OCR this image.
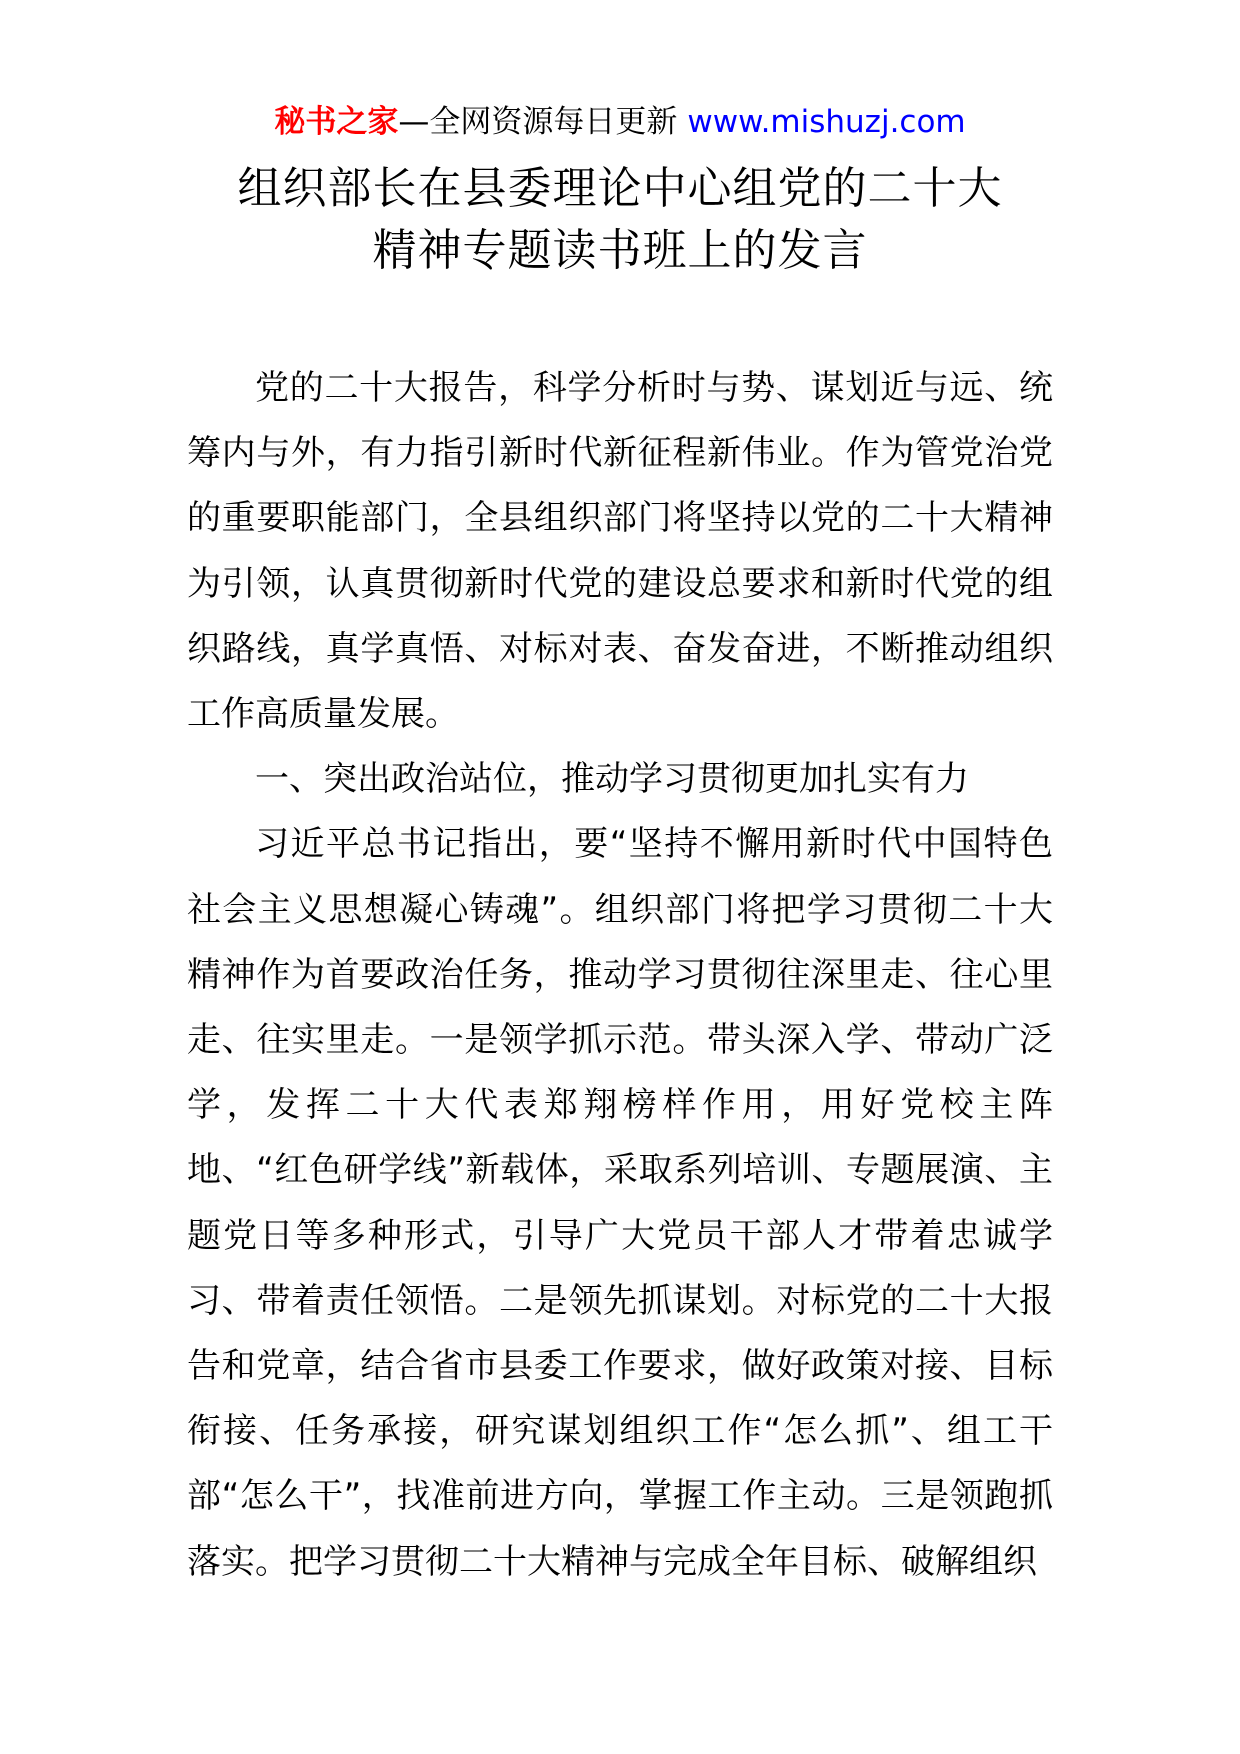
秘书之家—全网资源每日更新 www.mishuzj.com
组织部长在县委理论中心组党的二十大
精神专题读书班上的发言

党的二十大报告，科学分析时与势、谋划近与远、统筹内与外，有力指引新时代新征程新伟业。作为管党治党的重要职能部门，全县组织部门将坚持以党的二十大精神为引领，认真贯彻新时代党的建设总要求和新时代党的组织路线，真学真悟、对标对表、奋发奋进，不断推动组织工作高质量发展。

一、突出政治站位，推动学习贯彻更加扎实有力

习近平总书记指出，要“坚持不懈用新时代中国特色社会主义思想凝心铸魂”。组织部门将把学习贯彻二十大精神作为首要政治任务，推动学习贯彻往深里走、往心里走、往实里走。一是领学抓示范。带头深入学、带动广泛学，发挥二十大代表郑翔榜样作用，用好党校主阵地、“红色研学线”新载体，采取系列培训、专题展演、主题党日等多种形式，引导广大党员干部人才带着忠诚学习、带着责任领悟。二是领先抓谋划。对标党的二十大报告和党章，结合省市县委工作要求，做好政策对接、目标衔接、任务承接，研究谋划组织工作“怎么抓”、组工干部“怎么干”，找准前进方向，掌握工作主动。三是领跑抓落实。把学习贯彻二十大精神与完成全年目标、破解组织
